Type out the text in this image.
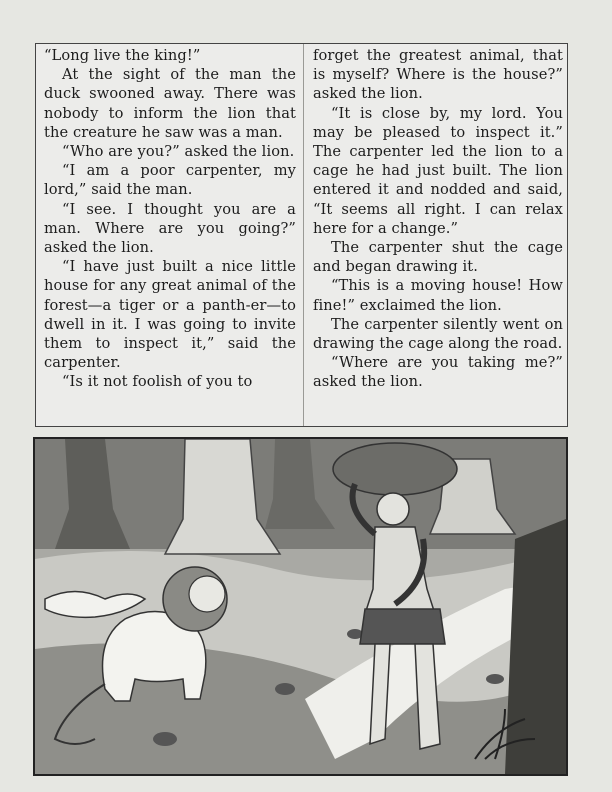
“Long live the king!”

At the sight of the man the duck swooned away. There was nobody to inform the lion that the creature he saw was a man.

“Who are you?” asked the lion.

“I am a poor carpenter, my lord,” said the man.

“I see. I thought you are a man. Where are you going?” asked the lion.

“I have just built a nice little house for any great animal of the forest—a tiger or a panth-er—to dwell in it. I was going to invite them to inspect it,” said the carpenter.

“Is it not foolish of you to

forget the greatest animal, that is myself? Where is the house?” asked the lion.

“It is close by, my lord. You may be pleased to inspect it.” The carpenter led the lion to a cage he had just built. The lion entered it and nodded and said, “It seems all right. I can relax here for a change.”

The carpenter shut the cage and began drawing it.

“This is a moving house! How fine!” exclaimed the lion.

The carpenter silently went on drawing the cage along the road.

“Where are you taking me?” asked the lion.
